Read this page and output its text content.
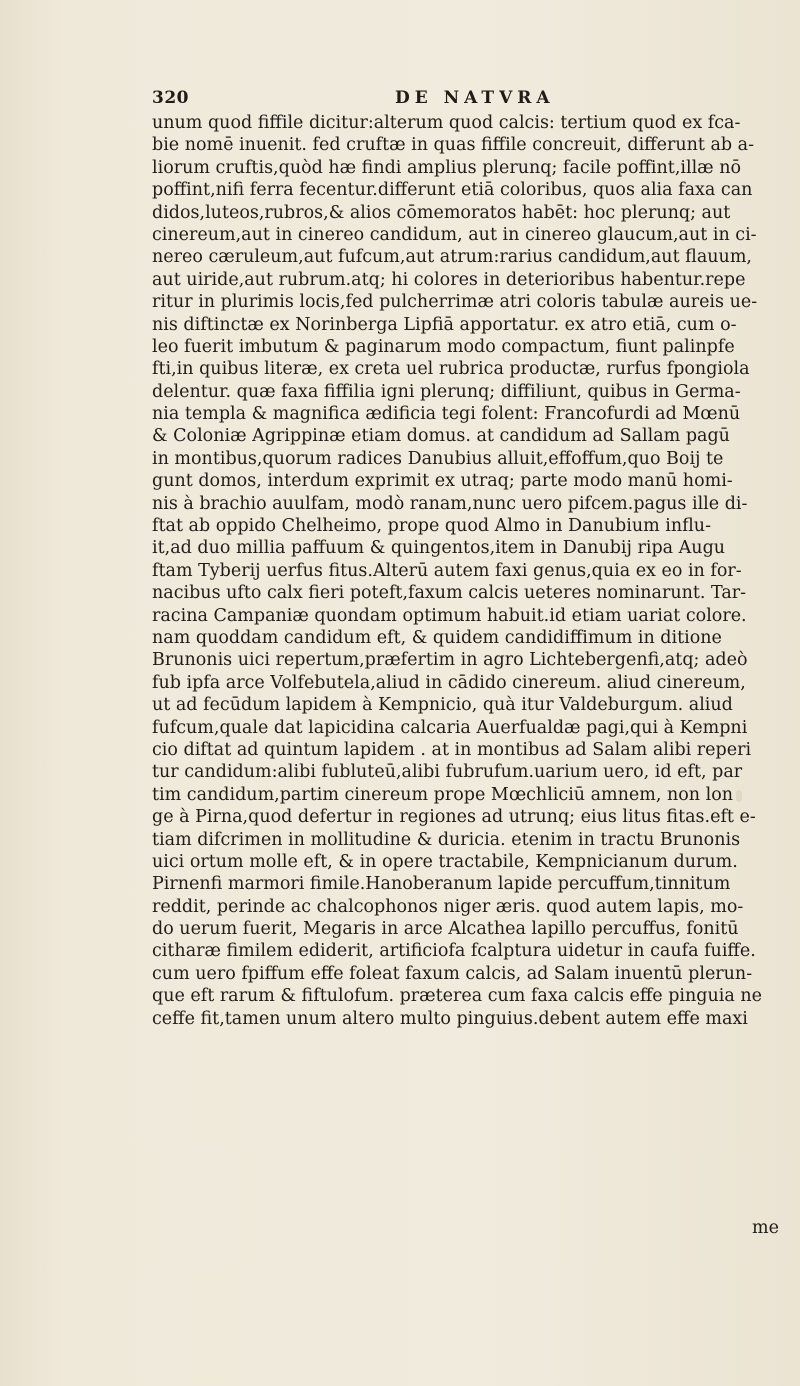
320	DE NATVRA
unum quod fiffile dicitur:alterum quod calcis: tertium quod ex fca-
bie nomē inuenit. fed cruftæ in quas fiffile concreuit, differunt ab a-
liorum cruftis,quòd hæ findi amplius plerunq; facile poffint,illæ nō
poffint,nifi ferra fecentur.differunt etiā coloribus, quos alia faxa can
didos,luteos,rubros,& alios cōmemoratos habēt: hoc plerunq; aut
cinereum,aut in cinereo candidum, aut in cinereo glaucum,aut in ci-
nereo cæruleum,aut fufcum,aut atrum:rarius candidum,aut flauum,
aut uiride,aut rubrum.atq; hi colores in deterioribus habentur.repe
ritur in plurimis locis,fed pulcherrimæ atri coloris tabulæ aureis ue-
nis diftinctæ ex Norinberga Lipfiā apportatur. ex atro etiā, cum o-
leo fuerit imbutum & paginarum modo compactum, fiunt palinpfe
fti,in quibus literæ, ex creta uel rubrica productæ, rurfus fpongiola
delentur. quæ faxa fiffilia igni plerunq; diffiliunt, quibus in Germa-
nia templa & magnifica ædificia tegi folent: Francofurdi ad Mœnū
& Coloniæ Agrippinæ etiam domus. at candidum ad Sallam pagū
in montibus,quorum radices Danubius alluit,effoffum,quo Boij te
gunt domos, interdum exprimit ex utraq; parte modo manū homi-
nis à brachio auulfam, modò ranam,nunc uero pifcem.pagus ille di-
ftat ab oppido Chelheimo, prope quod Almo in Danubium influ-
it,ad duo millia paffuum & quingentos,item in Danubij ripa Augu
ftam Tyberij uerfus fitus.Alterū autem faxi genus,quia ex eo in for-
nacibus ufto calx fieri poteft,faxum calcis ueteres nominarunt. Tar-
racina Campaniæ quondam optimum habuit.id etiam uariat colore.
nam quoddam candidum eft, & quidem candidiffimum in ditione
Brunonis uici repertum,præfertim in agro Lichtebergenfi,atq; adeò
fub ipfa arce Volfebutela,aliud in cādido cinereum. aliud cinereum,
ut ad fecūdum lapidem à Kempnicio, quà itur Valdeburgum. aliud
fufcum,quale dat lapicidina calcaria Auerfualdæ pagi,qui à Kempni
cio diftat ad quintum lapidem . at in montibus ad Salam alibi reperi
tur candidum:alibi fubluteū,alibi fubrufum.uarium uero, id eft, par
tim candidum,partim cinereum prope Mœchliciū amnem, non lon
ge à Pirna,quod defertur in regiones ad utrunq; eius litus fitas.eft e-
tiam difcrimen in mollitudine & duricia. etenim in tractu Brunonis
uici ortum molle eft, & in opere tractabile, Kempnicianum durum.
Pirnenfi marmori fimile.Hanoberanum lapide percuffum,tinnitum
reddit, perinde ac chalcophonos niger æris. quod autem lapis, mo-
do uerum fuerit, Megaris in arce Alcathea lapillo percuffus, fonitū
citharæ fimilem ediderit, artificiofa fcalptura uidetur in caufa fuiffe.
cum uero fpiffum effe foleat faxum calcis, ad Salam inuentū plerun-
que eft rarum & fiftulofum. præterea cum faxa calcis effe pinguia ne
ceffe fit,tamen unum altero multo pinguius.debent autem effe maxi
me
